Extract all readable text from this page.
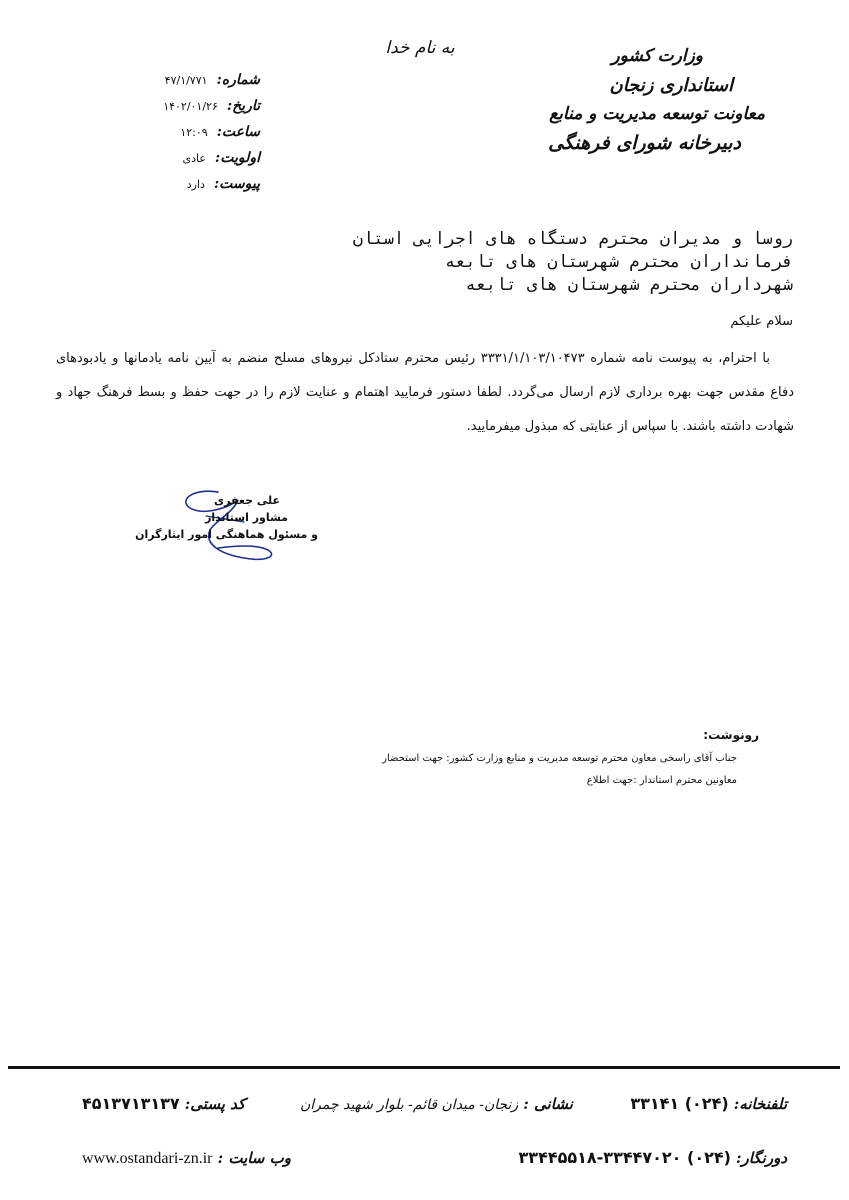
به نام خدا	وزارت کشور
استانداری زنجان
معاونت توسعه مدیریت و منابع
دبیرخانه شورای فرهنگی
شماره: ۴۷/۱/۷۷۱
تاریخ: ۱۴۰۲/۰۱/۲۶
ساعت: ۱۲:۰۹
اولویت: عادی
پیوست: دارد
روسا و مدیران محترم دستگاه های اجرایی استان
فرمانداران محترم شهرستان های تابعه
شهرداران محترم شهرستان های تابعه
سلام علیکم
با احترام، به پیوست نامه شماره ۳۳۳۱/۱/۱۰۳/۱۰۴۷۳ رئیس محترم ستادکل نیروهای مسلح منضم به آیین نامه یادمانها و یادبودهای دفاع مقدس جهت بهره برداری لازم ارسال می‌گردد. لطفا دستور فرمایید اهتمام و عنایت لازم را در جهت حفظ و بسط فرهنگ جهاد و شهادت داشته باشند. با سپاس از عنایتی که مبذول میفرمایید.
علی جعفری
مشاور استاندار
و مسئول هماهنگی امور ایثارگران
رونوشت:
جناب آقای راسخی معاون محترم توسعه مدیریت و منابع وزارت کشور: جهت استحضار
معاونین محترم استاندار :جهت اطلاع
تلفنخانه: (۰۲۴) ۳۳۱۴۱
نشانی : زنجان- میدان قائم- بلوار شهید چمران
کد پستی: ۴۵۱۳۷۱۳۱۳۷
دورنگار: (۰۲۴) ۳۳۴۴۷۰۲۰-۳۳۴۴۵۵۱۸
وب سایت : www.ostandari-zn.ir
